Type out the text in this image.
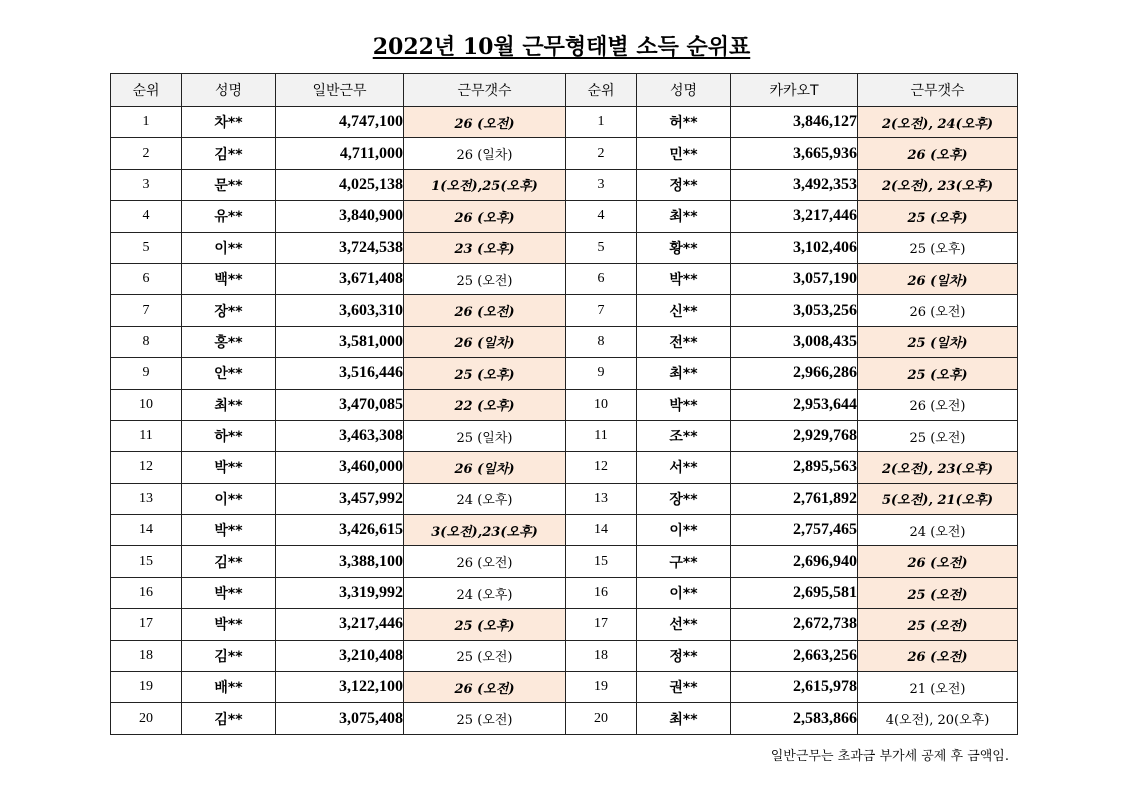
2022년 10월 근무형태별 소득 순위표
순위	성명	일반근무	근무갯수	순위	성명	카카오T	근무갯수
1	차**	4,747,100	26 (오전)	1	허**	3,846,127	2(오전), 24(오후)
2	김**	4,711,000	26 (일차)	2	민**	3,665,936	26 (오후)
3	문**	4,025,138	1(오전),25(오후)	3	정**	3,492,353	2(오전), 23(오후)
4	유**	3,840,900	26 (오후)	4	최**	3,217,446	25 (오후)
5	이**	3,724,538	23 (오후)	5	황**	3,102,406	25 (오후)
6	백**	3,671,408	25 (오전)	6	박**	3,057,190	26 (일차)
7	장**	3,603,310	26 (오전)	7	신**	3,053,256	26 (오전)
8	홍**	3,581,000	26 (일차)	8	전**	3,008,435	25 (일차)
9	안**	3,516,446	25 (오후)	9	최**	2,966,286	25 (오후)
10	최**	3,470,085	22 (오후)	10	박**	2,953,644	26 (오전)
11	하**	3,463,308	25 (일차)	11	조**	2,929,768	25 (오전)
12	박**	3,460,000	26 (일차)	12	서**	2,895,563	2(오전), 23(오후)
13	이**	3,457,992	24 (오후)	13	장**	2,761,892	5(오전), 21(오후)
14	박**	3,426,615	3(오전),23(오후)	14	이**	2,757,465	24 (오전)
15	김**	3,388,100	26 (오전)	15	구**	2,696,940	26 (오전)
16	박**	3,319,992	24 (오후)	16	이**	2,695,581	25 (오전)
17	박**	3,217,446	25 (오후)	17	선**	2,672,738	25 (오전)
18	김**	3,210,408	25 (오전)	18	정**	2,663,256	26 (오전)
19	배**	3,122,100	26 (오전)	19	권**	2,615,978	21 (오전)
20	김**	3,075,408	25 (오전)	20	최**	2,583,866	4(오전), 20(오후)
일반근무는 초과금 부가세 공제 후 금액임.
